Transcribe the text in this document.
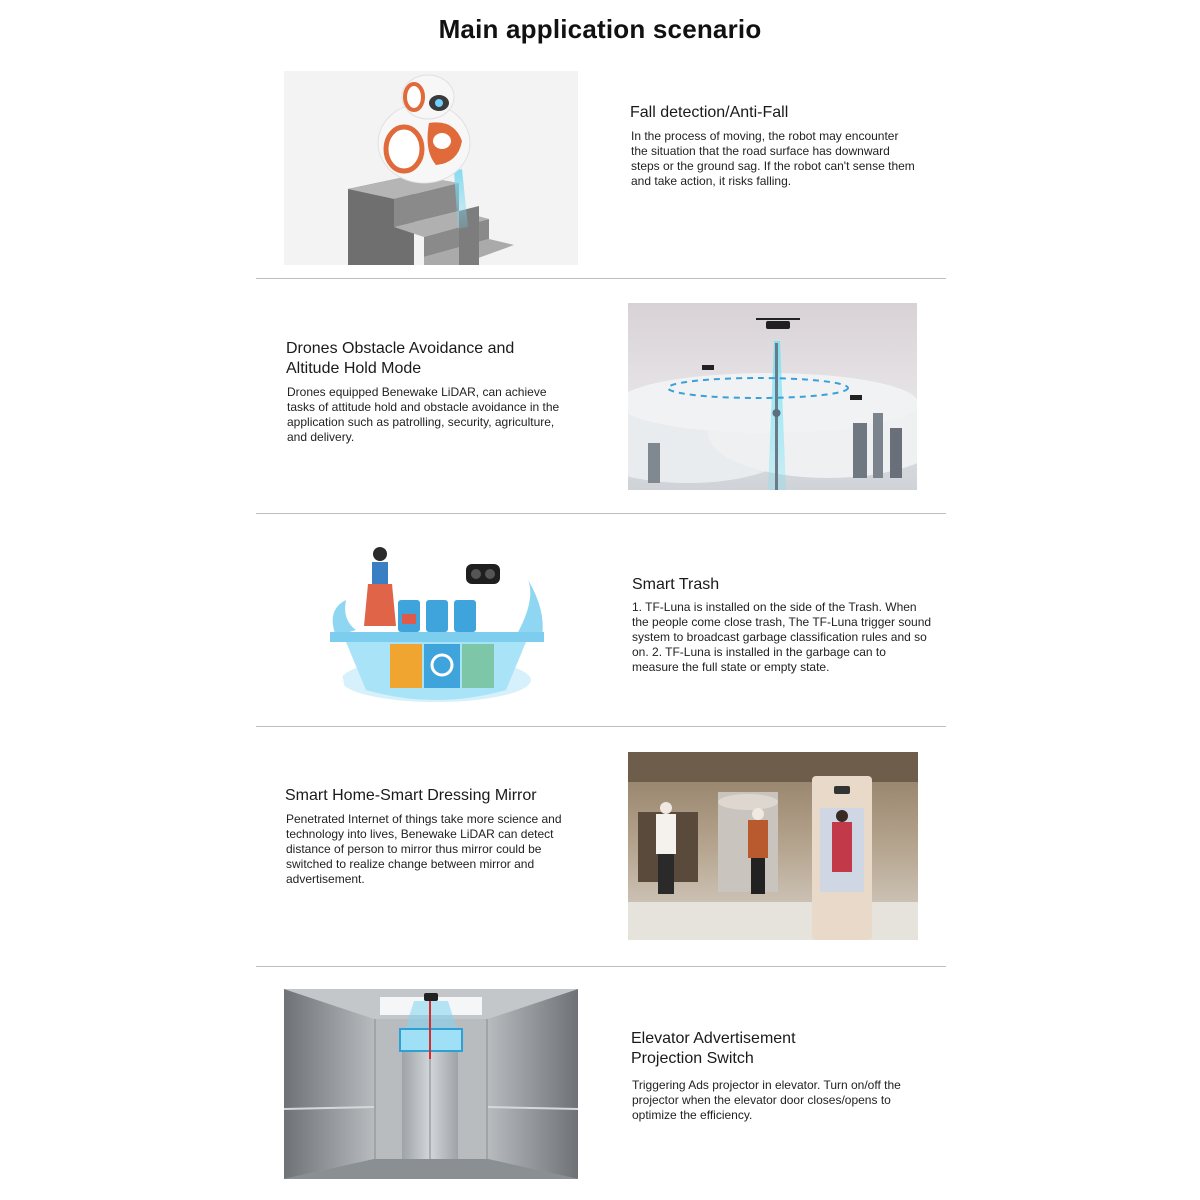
Main application scenario
Fall detection/Anti-Fall
In the process of moving, the robot may encounter the situation that the road surface has downward steps or the ground sag. If the robot can't sense them and take action, it risks falling.
Drones Obstacle Avoidance and Altitude Hold Mode
Drones equipped Benewake LiDAR, can achieve tasks of attitude hold and obstacle avoidance in the application such as patrolling, security, agriculture, and delivery.
Smart Trash
1. TF-Luna is installed on the side of the Trash. When the people come close trash, The TF-Luna trigger sound system to broadcast garbage classification rules and so on. 2. TF-Luna is installed in the garbage can to measure the full state or empty state.
Smart Home-Smart Dressing Mirror
Penetrated Internet of things take more science and technology into lives, Benewake LiDAR can detect distance of person to mirror thus mirror could be switched to realize change between mirror and advertisement.
Elevator Advertisement Projection Switch
Triggering Ads projector in elevator. Turn on/off the projector when the elevator door closes/opens to optimize the efficiency.
